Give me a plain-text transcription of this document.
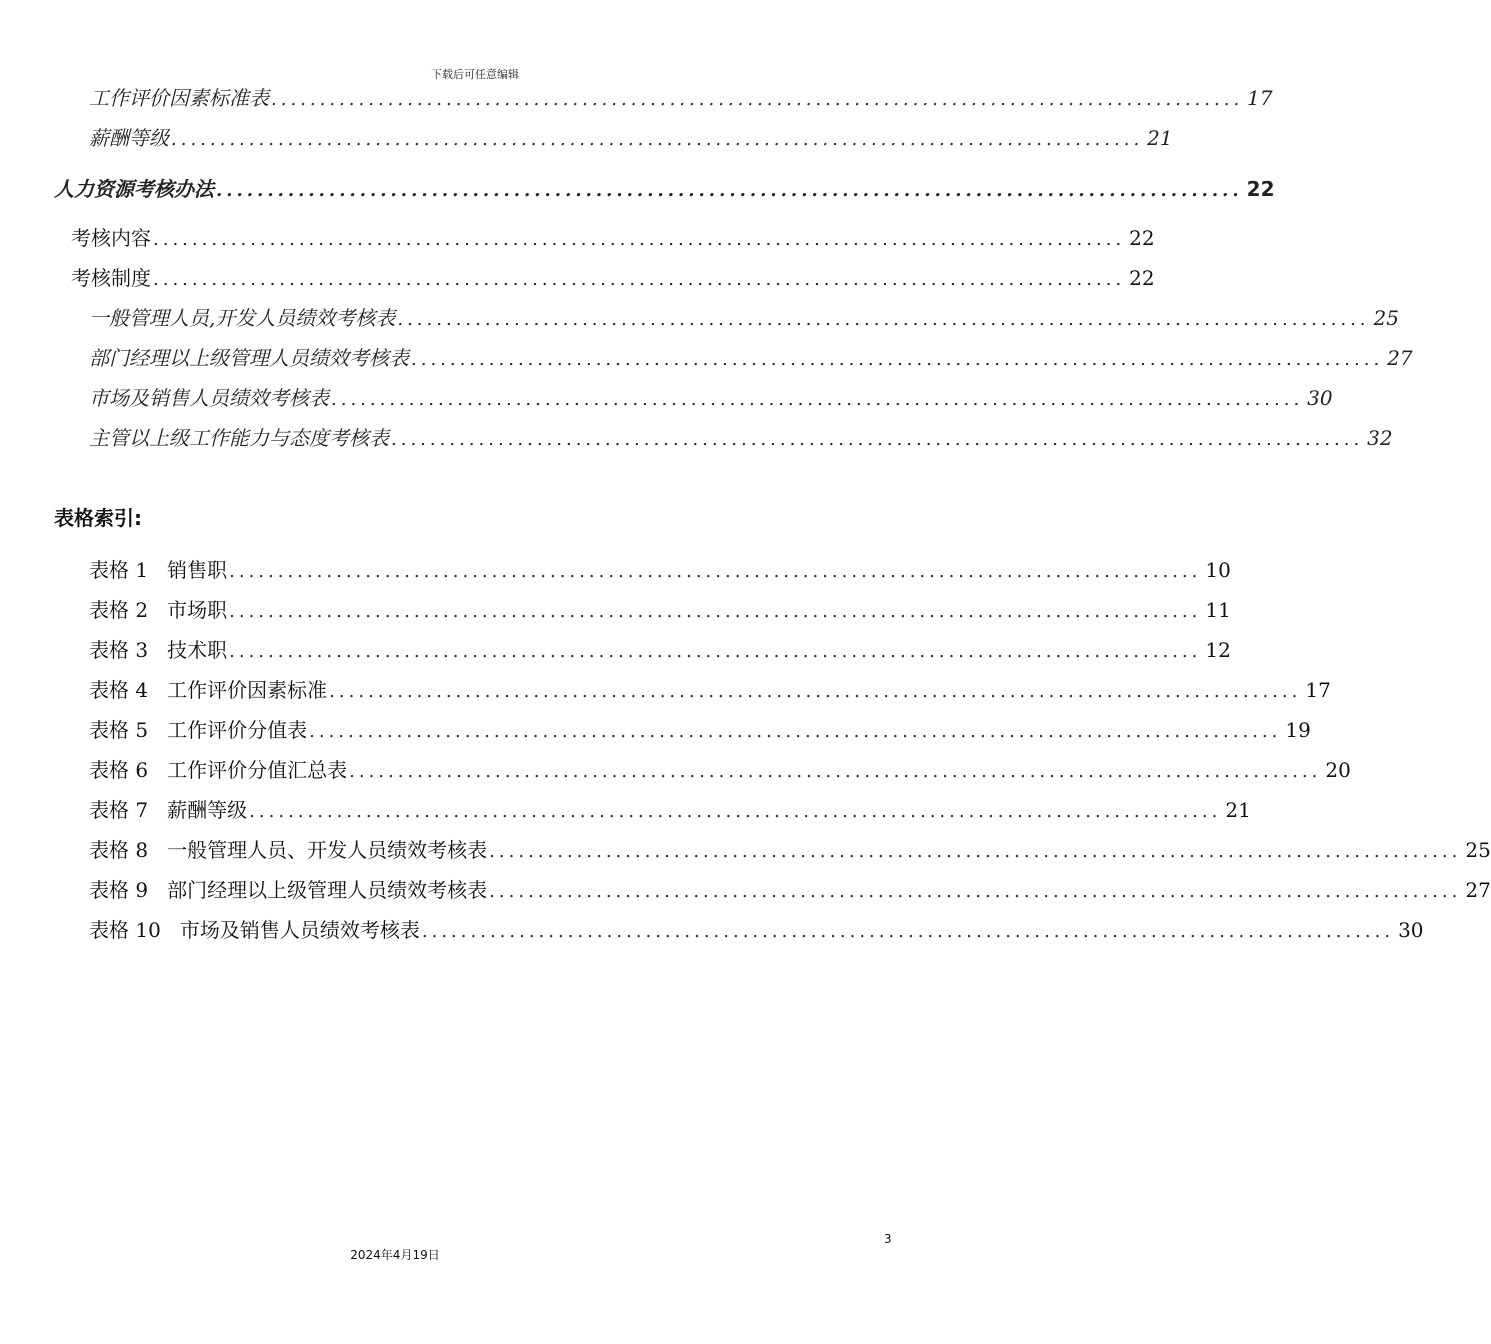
下载后可任意编辑
工作评价因素标准表 .................................................................................................... 17
薪酬等级 .................................................................................................... 21
人力资源考核办法 .................................................................................................... 22
考核内容 .................................................................................................... 22
考核制度 .................................................................................................... 22
一般管理人员,开发人员绩效考核表 .................................................................................................... 25
部门经理以上级管理人员绩效考核表 .................................................................................................... 27
市场及销售人员绩效考核表 .................................................................................................... 30
主管以上级工作能力与态度考核表 .................................................................................................... 32
表格索引:
表格 1 销售职 .................................................................................................... 10
表格 2 市场职 .................................................................................................... 11
表格 3 技术职 .................................................................................................... 12
表格 4 工作评价因素标准 .................................................................................................... 17
表格 5 工作评价分值表 .................................................................................................... 19
表格 6 工作评价分值汇总表 .................................................................................................... 20
表格 7 薪酬等级 .................................................................................................... 21
表格 8 一般管理人员、开发人员绩效考核表 .................................................................................................... 25
表格 9 部门经理以上级管理人员绩效考核表 .................................................................................................... 27
表格 10 市场及销售人员绩效考核表 .................................................................................................... 30
3
2024年4月19日
